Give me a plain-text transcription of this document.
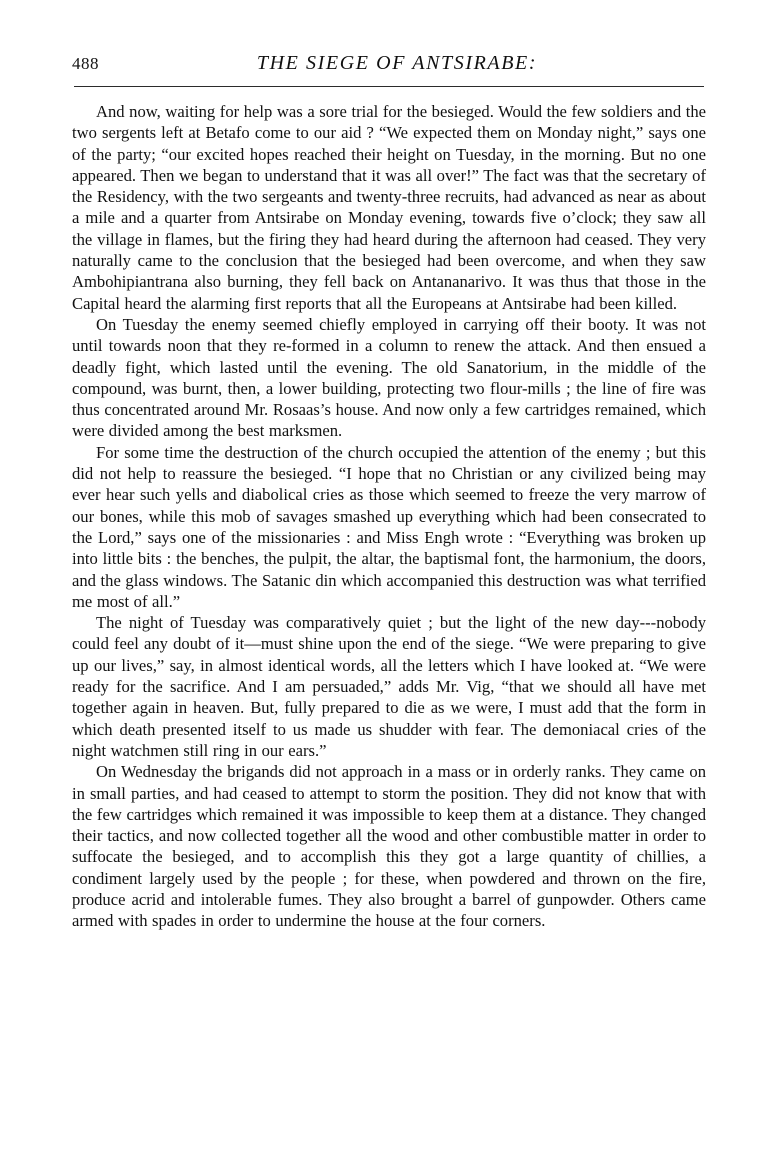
488	THE SIEGE OF ANTSIRABE:

And now, waiting for help was a sore trial for the besieged. Would the few soldiers and the two sergents left at Betafo come to our aid ? “We expected them on Monday night,” says one of the party; “our excited hopes reached their height on Tuesday, in the morning. But no one appeared. Then we began to understand that it was all over!” The fact was that the secretary of the Residency, with the two sergeants and twenty-three recruits, had advanced as near as about a mile and a quarter from Antsirabe on Monday evening, towards five o’clock; they saw all the village in flames, but the firing they had heard during the afternoon had ceased. They very naturally came to the conclusion that the besieged had been overcome, and when they saw Ambohipiantrana also burning, they fell back on Antananarivo. It was thus that those in the Capital heard the alarming first reports that all the Europeans at Antsirabe had been killed.

On Tuesday the enemy seemed chiefly employed in carrying off their booty. It was not until towards noon that they re-formed in a column to renew the attack. And then ensued a deadly fight, which lasted until the evening. The old Sanatorium, in the middle of the compound, was burnt, then, a lower building, protecting two flour-mills ; the line of fire was thus concentrated around Mr. Rosaas’s house. And now only a few cartridges remained, which were divided among the best marksmen.

For some time the destruction of the church occupied the attention of the enemy ; but this did not help to reassure the besieged. “I hope that no Christian or any civilized being may ever hear such yells and diabolical cries as those which seemed to freeze the very marrow of our bones, while this mob of savages smashed up everything which had been consecrated to the Lord,” says one of the missionaries : and Miss Engh wrote : “Everything was broken up into little bits : the benches, the pulpit, the altar, the baptismal font, the harmonium, the doors, and the glass windows. The Satanic din which accompanied this destruction was what terrified me most of all.”

The night of Tuesday was comparatively quiet ; but the light of the new day---nobody could feel any doubt of it—must shine upon the end of the siege. “We were preparing to give up our lives,” say, in almost identical words, all the letters which I have looked at. “We were ready for the sacrifice. And I am persuaded,” adds Mr. Vig, “that we should all have met together again in heaven. But, fully prepared to die as we were, I must add that the form in which death presented itself to us made us shudder with fear. The demoniacal cries of the night watchmen still ring in our ears.”

On Wednesday the brigands did not approach in a mass or in orderly ranks. They came on in small parties, and had ceased to attempt to storm the position. They did not know that with the few cartridges which remained it was impossible to keep them at a distance. They changed their tactics, and now collected together all the wood and other combustible matter in order to suffocate the besieged, and to accomplish this they got a large quantity of chillies, a condiment largely used by the people ; for these, when powdered and thrown on the fire, produce acrid and intolerable fumes. They also brought a barrel of gunpowder. Others came armed with spades in order to undermine the house at the four corners.
